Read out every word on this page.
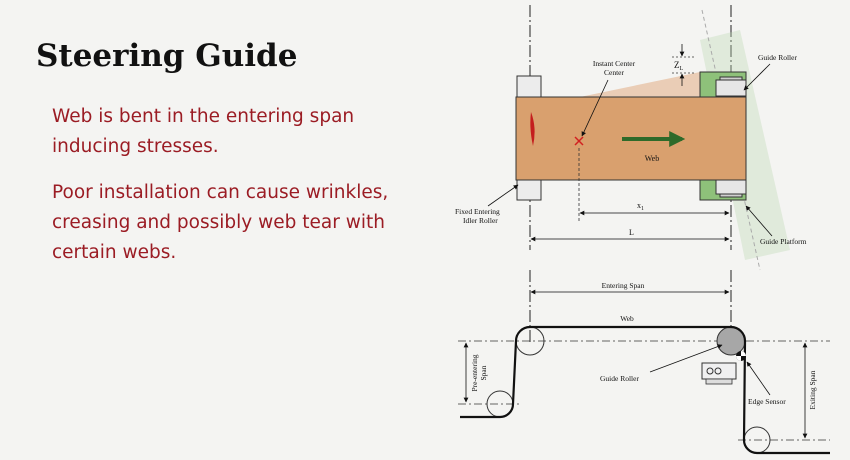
Steering Guide

Web is bent in the entering span inducing stresses.

Poor installation can cause wrinkles, creasing and possibly web tear with certain webs.

Instant Center
Center
Web
$Z_L$
Guide Roller
Fixed Entering
Idler Roller
$x_1$
L
Guide Platform
Entering Span
Web
Pre-entering Span	Guide Roller
Edge Sensor	Exiting Span
